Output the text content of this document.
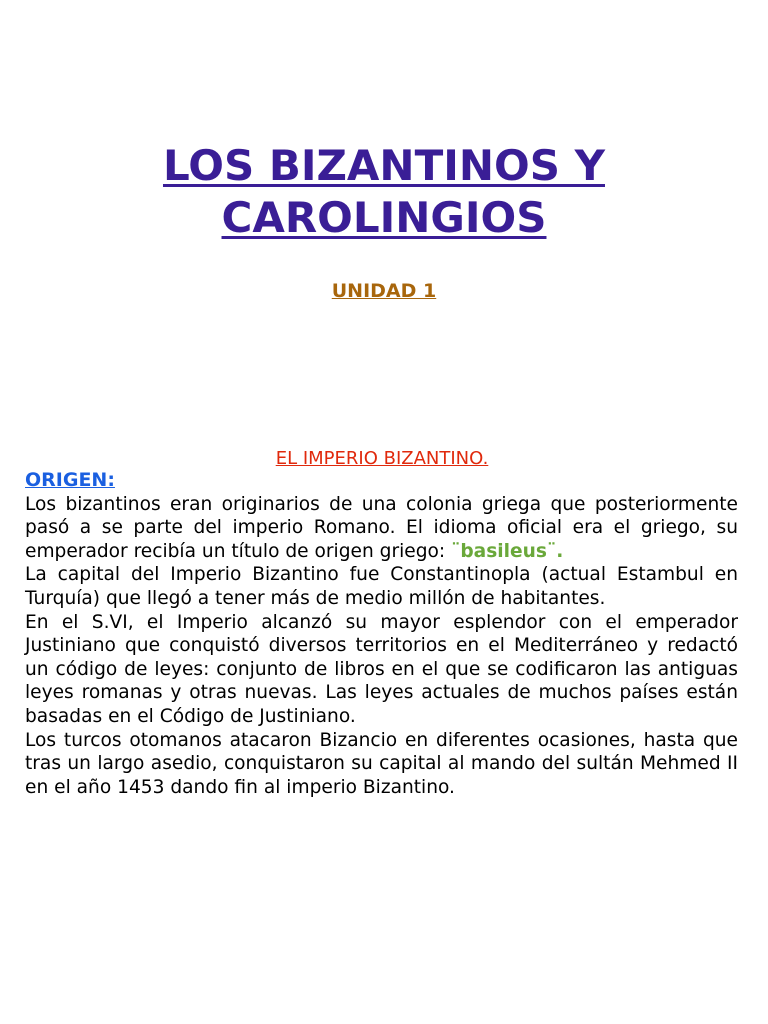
LOS BIZANTINOS Y
CAROLINGIOS
UNIDAD 1
EL IMPERIO BIZANTINO.
ORIGEN:

Los bizantinos eran originarios de una colonia griega que posteriormente pasó a se parte del imperio Romano. El idioma oficial era el griego, su emperador recibía un título de origen griego: ¨basileus¨.

La capital del Imperio Bizantino fue Constantinopla (actual Estambul en Turquía) que llegó a tener más de medio millón de habitantes.

En el S.VI, el Imperio alcanzó su mayor esplendor con el emperador Justiniano que conquistó diversos territorios en el Mediterráneo y redactó un código de leyes: conjunto de libros en el que se codificaron las antiguas leyes romanas y otras nuevas. Las leyes actuales de muchos países están basadas en el Código de Justiniano.

Los turcos otomanos atacaron Bizancio en diferentes ocasiones, hasta que tras un largo asedio, conquistaron su capital al mando del sultán Mehmed II en el año 1453 dando fin al imperio Bizantino.
